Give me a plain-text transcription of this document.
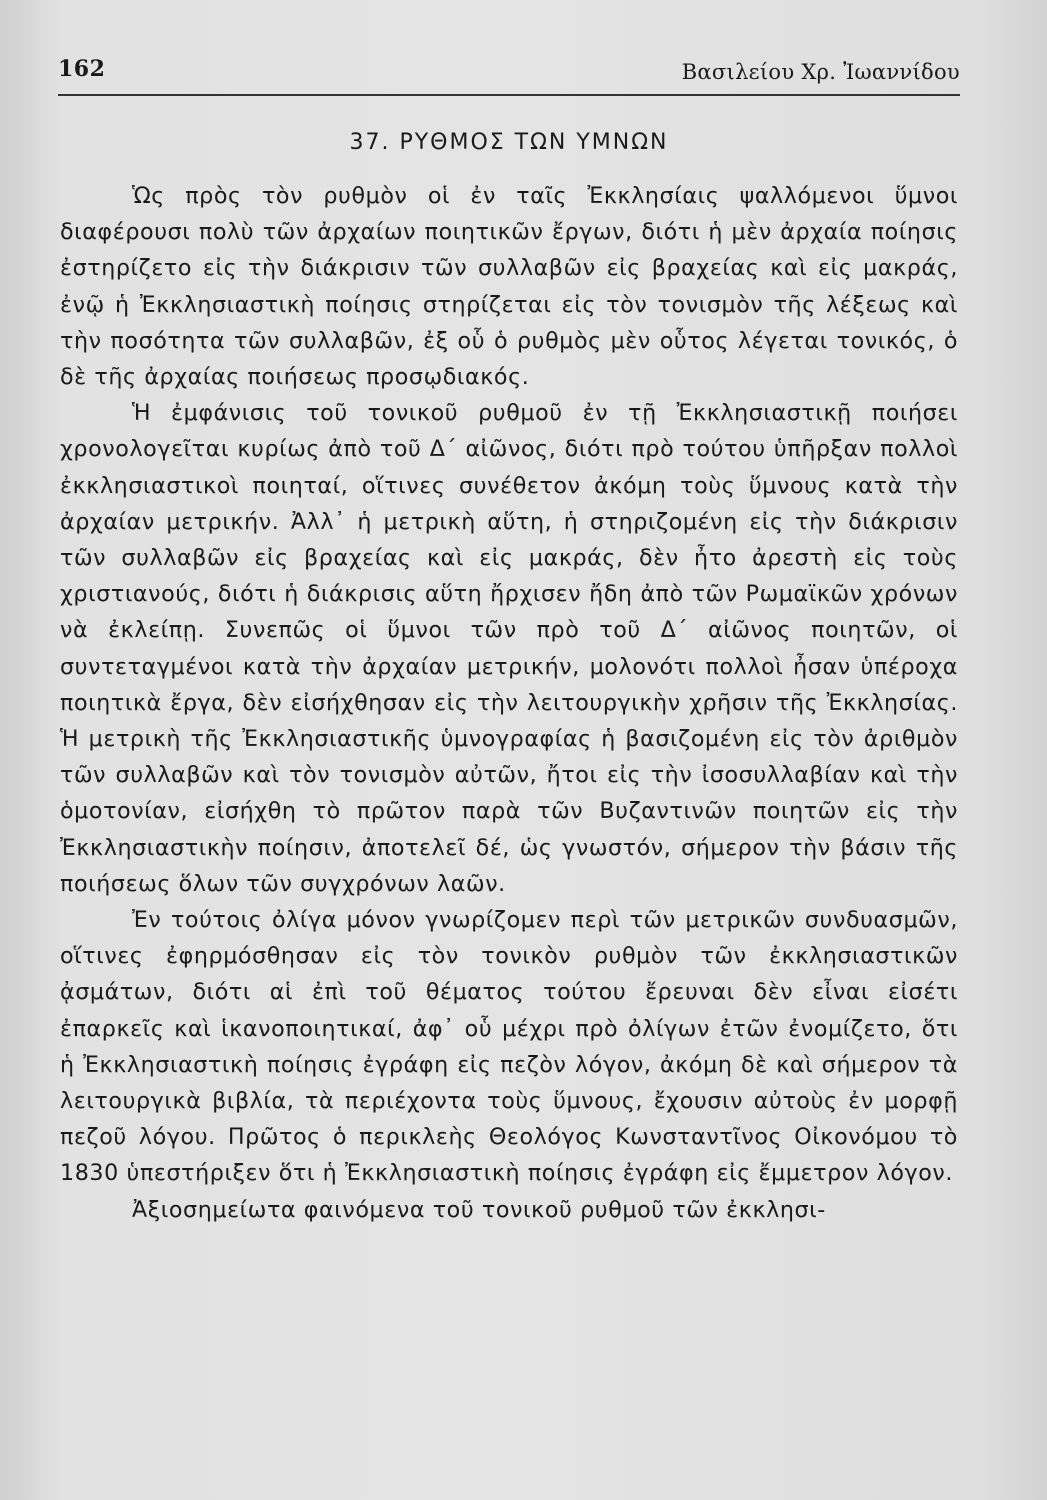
162	Βασιλείου Χρ. Ἰωαννίδου
37. ΡΥΘΜΟΣ ΤΩΝ ΥΜΝΩΝ

Ὡς πρὸς τὸν ρυθμὸν οἱ ἐν ταῖς Ἐκκλησίαις ψαλλόμενοι ὕμνοι διαφέρουσι πολὺ τῶν ἀρχαίων ποιητικῶν ἔργων, διότι ἡ μὲν ἀρχαία ποίησις ἐστηρίζετο εἰς τὴν διάκρισιν τῶν συλλαβῶν εἰς βραχείας καὶ εἰς μακράς, ἐνῷ ἡ Ἐκκλησιαστικὴ ποίησις στηρίζεται εἰς τὸν τονισμὸν τῆς λέξεως καὶ τὴν ποσότητα τῶν συλλαβῶν, ἐξ οὗ ὁ ρυθμὸς μὲν οὗτος λέγεται τονικός, ὁ δὲ τῆς ἀρχαίας ποιήσεως προσῳδιακός.

Ἡ ἐμφάνισις τοῦ τονικοῦ ρυθμοῦ ἐν τῇ Ἐκκλησιαστικῇ ποιήσει χρονολογεῖται κυρίως ἀπὸ τοῦ Δ΄ αἰῶνος, διότι πρὸ τούτου ὑπῆρξαν πολλοὶ ἐκκλησιαστικοὶ ποιηταί, οἵτινες συνέθετον ἀκόμη τοὺς ὕμνους κατὰ τὴν ἀρχαίαν μετρικήν. Ἀλλ᾽ ἡ μετρικὴ αὕτη, ἡ στηριζομένη εἰς τὴν διάκρισιν τῶν συλλαβῶν εἰς βραχείας καὶ εἰς μακράς, δὲν ἦτο ἀρεστὴ εἰς τοὺς χριστιανούς, διότι ἡ διάκρισις αὕτη ἤρχισεν ἤδη ἀπὸ τῶν Ρωμαϊκῶν χρόνων νὰ ἐκλείπῃ. Συνεπῶς οἱ ὕμνοι τῶν πρὸ τοῦ Δ΄ αἰῶνος ποιητῶν, οἱ συντεταγμένοι κατὰ τὴν ἀρχαίαν μετρικήν, μολονότι πολλοὶ ἦσαν ὑπέροχα ποιητικὰ ἔργα, δὲν εἰσήχθησαν εἰς τὴν λειτουργικὴν χρῆσιν τῆς Ἐκκλησίας. Ἡ μετρικὴ τῆς Ἐκκλησιαστικῆς ὑμνογραφίας ἡ βασιζομένη εἰς τὸν ἀριθμὸν τῶν συλλαβῶν καὶ τὸν τονισμὸν αὐτῶν, ἤτοι εἰς τὴν ἰσοσυλλαβίαν καὶ τὴν ὁμοτονίαν, εἰσήχθη τὸ πρῶτον παρὰ τῶν Βυζαντινῶν ποιητῶν εἰς τὴν Ἐκκλησιαστικὴν ποίησιν, ἀποτελεῖ δέ, ὡς γνωστόν, σήμερον τὴν βάσιν τῆς ποιήσεως ὅλων τῶν συγχρόνων λαῶν.

Ἐν τούτοις ὀλίγα μόνον γνωρίζομεν περὶ τῶν μετρικῶν συνδυασμῶν, οἵτινες ἐφηρμόσθησαν εἰς τὸν τονικὸν ρυθμὸν τῶν ἐκκλησιαστικῶν ᾀσμάτων, διότι αἱ ἐπὶ τοῦ θέματος τούτου ἔρευναι δὲν εἶναι εἰσέτι ἐπαρκεῖς καὶ ἱκανοποιητικαί, ἀφ᾽ οὗ μέχρι πρὸ ὀλίγων ἐτῶν ἐνομίζετο, ὅτι ἡ Ἐκκλησιαστικὴ ποίησις ἐγράφη εἰς πεζὸν λόγον, ἀκόμη δὲ καὶ σήμερον τὰ λειτουργικὰ βιβλία, τὰ περιέχοντα τοὺς ὕμνους, ἔχουσιν αὐτοὺς ἐν μορφῇ πεζοῦ λόγου. Πρῶτος ὁ περικλεὴς Θεολόγος Κωνσταντῖνος Οἰκονόμου τὸ 1830 ὑπεστήριξεν ὅτι ἡ Ἐκκλησιαστικὴ ποίησις ἐγράφη εἰς ἔμμετρον λόγον.

Ἀξιοσημείωτα φαινόμενα τοῦ τονικοῦ ρυθμοῦ τῶν ἐκκλησι-
